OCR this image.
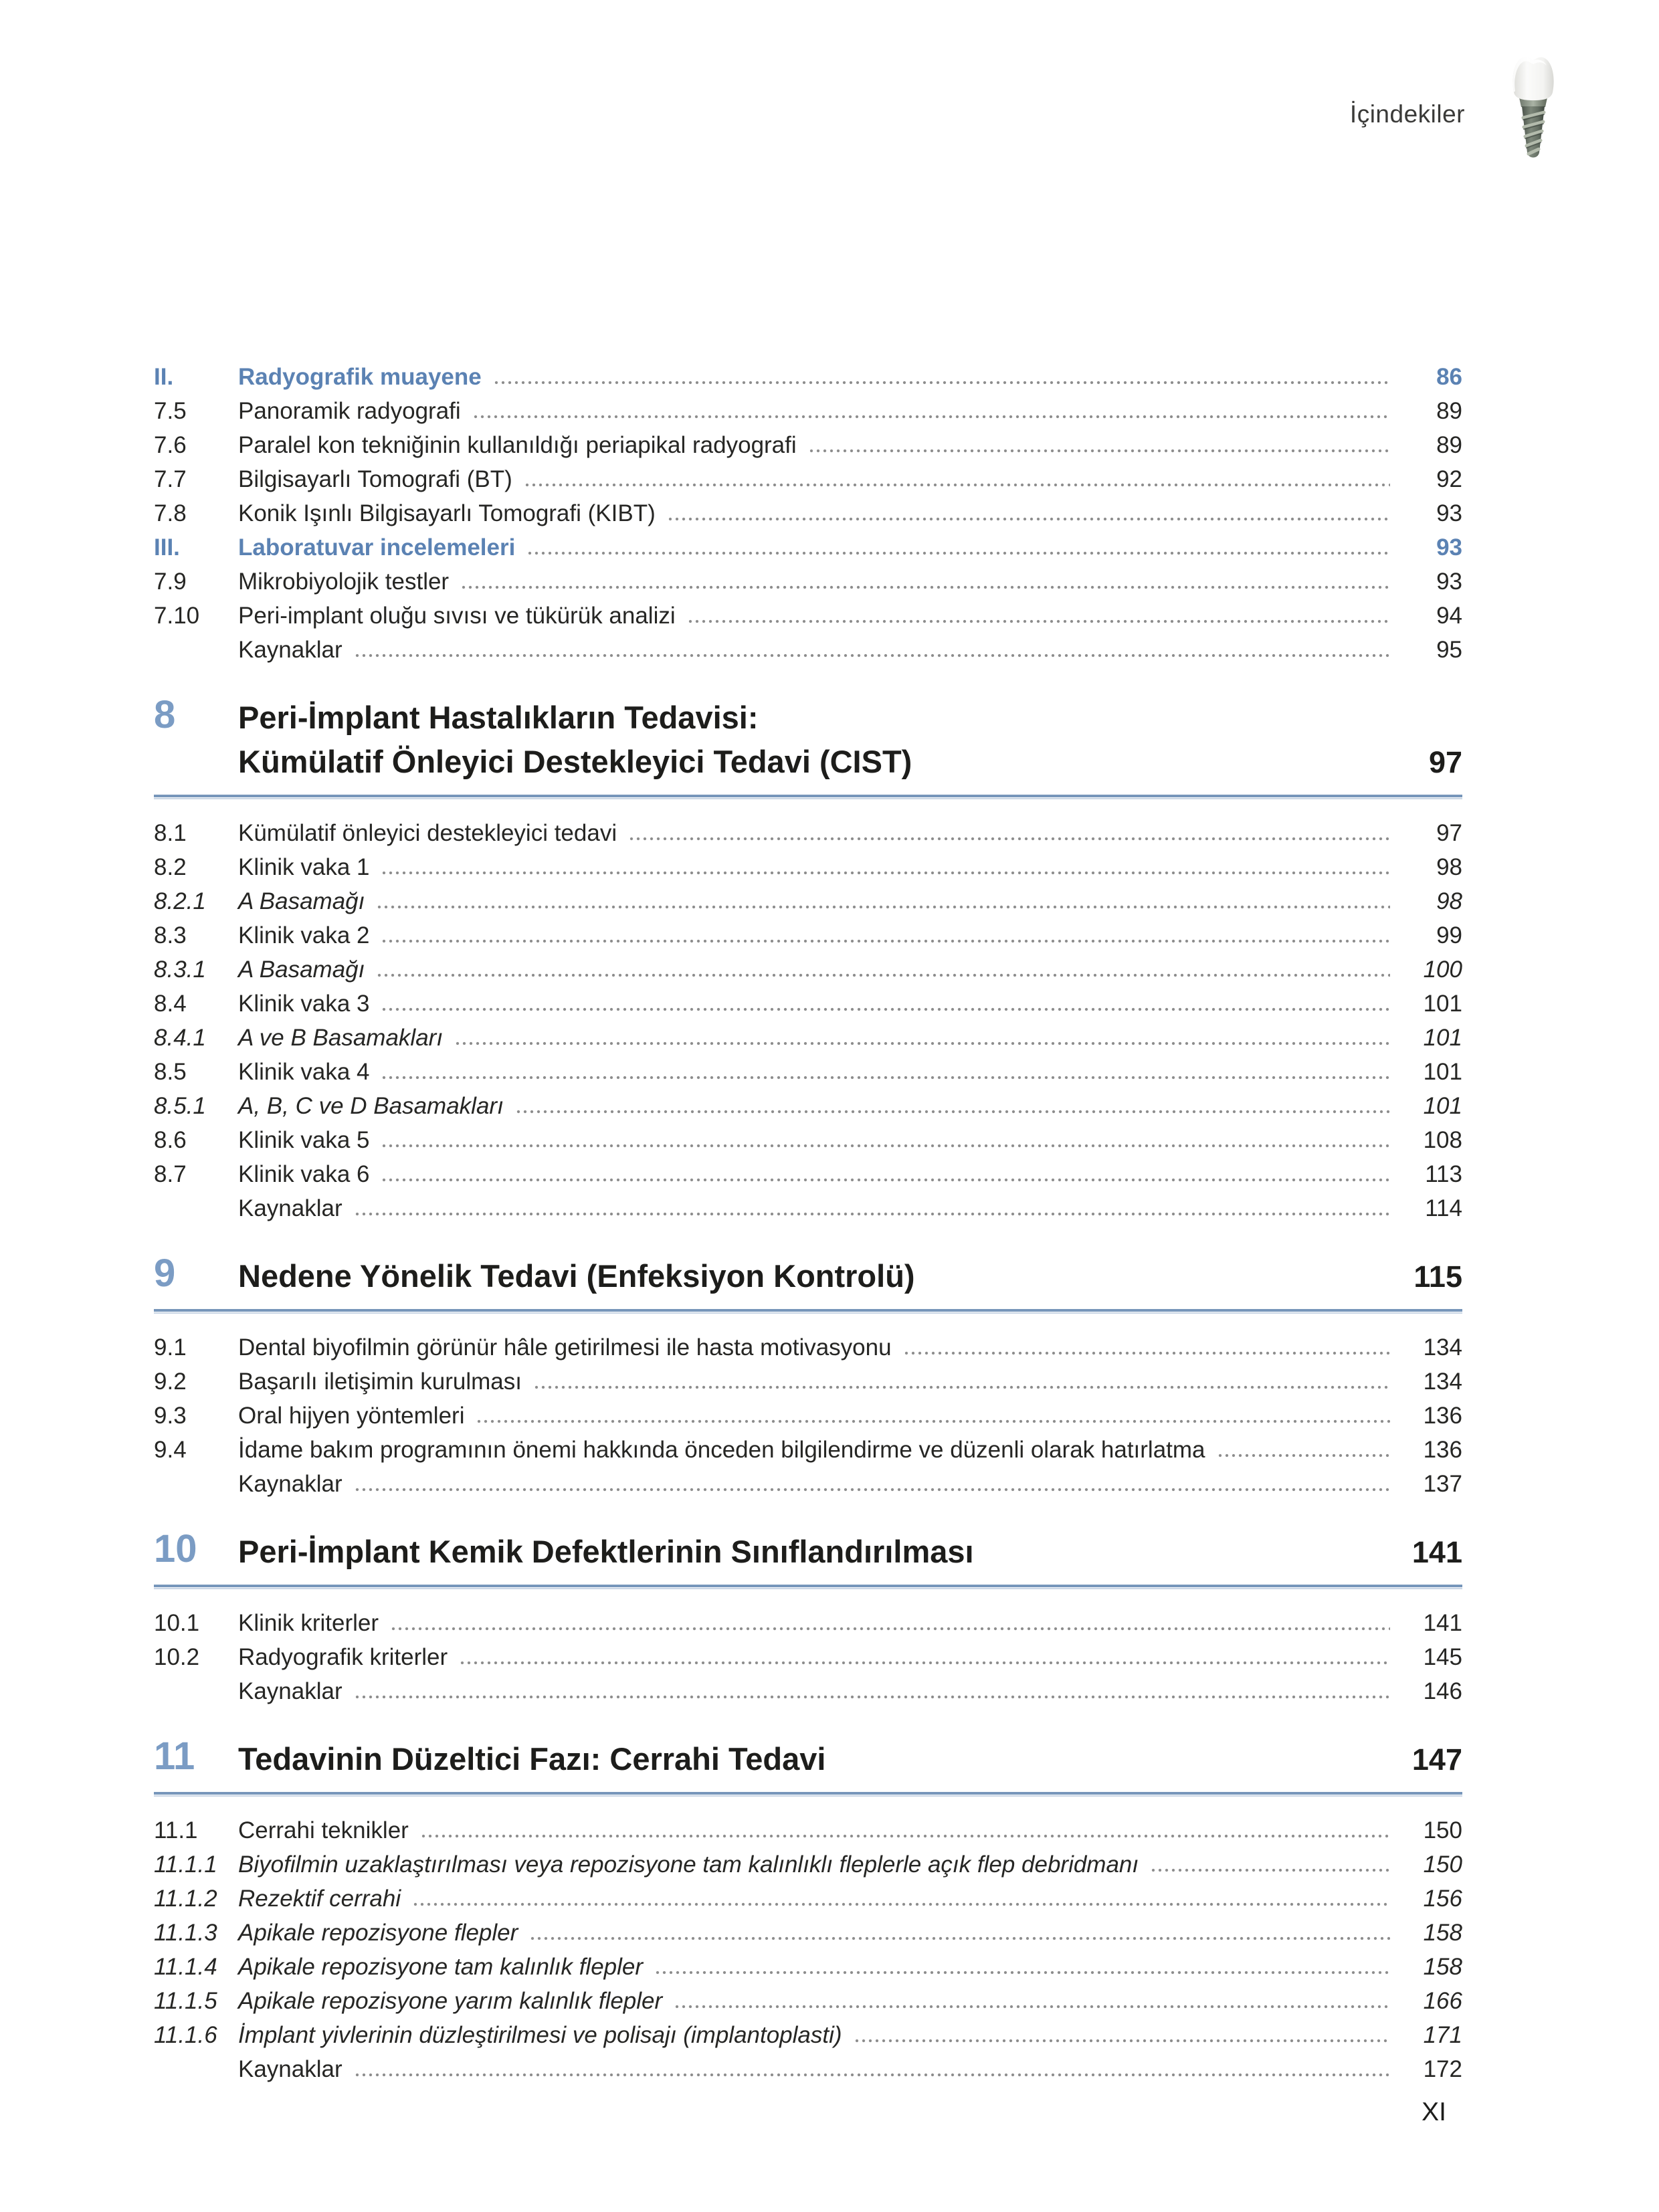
İçindekiler
II.	Radyografik muayene	86
7.5	Panoramik radyografi	89
7.6	Paralel kon tekniğinin kullanıldığı periapikal radyografi	89
7.7	Bilgisayarlı Tomografi (BT)	92
7.8	Konik Işınlı Bilgisayarlı Tomografi (KIBT)	93
III.	Laboratuvar incelemeleri	93
7.9	Mikrobiyolojik testler	93
7.10	Peri-implant oluğu sıvısı ve tükürük analizi	94
Kaynaklar	95
8	Peri-İmplant Hastalıkların Tedavisi:
Kümülatif Önleyici Destekleyici Tedavi (CIST)	97
8.1	Kümülatif önleyici destekleyici tedavi	97
8.2	Klinik vaka 1	98
8.2.1	A Basamağı	98
8.3	Klinik vaka 2	99
8.3.1	A Basamağı	100
8.4	Klinik vaka 3	101
8.4.1	A ve B Basamakları	101
8.5	Klinik vaka 4	101
8.5.1	A, B, C ve D Basamakları	101
8.6	Klinik vaka 5	108
8.7	Klinik vaka 6	113
Kaynaklar	114
9	Nedene Yönelik Tedavi (Enfeksiyon Kontrolü)	115
9.1	Dental biyofilmin görünür hâle getirilmesi ile hasta motivasyonu	134
9.2	Başarılı iletişimin kurulması	134
9.3	Oral hijyen yöntemleri	136
9.4	İdame bakım programının önemi hakkında önceden bilgilendirme ve düzenli olarak hatırlatma	136
Kaynaklar	137
10	Peri-İmplant Kemik Defektlerinin Sınıflandırılması	141
10.1	Klinik kriterler	141
10.2	Radyografik kriterler	145
Kaynaklar	146
11	Tedavinin Düzeltici Fazı: Cerrahi Tedavi	147
11.1	Cerrahi teknikler	150
11.1.1 Biyofilmin uzaklaştırılması veya repozisyone tam kalınlıklı fleplerle açık flep debridmanı	150
11.1.2 Rezektif cerrahi	156
11.1.3 Apikale repozisyone flepler	158
11.1.4 Apikale repozisyone tam kalınlık flepler	158
11.1.5 Apikale repozisyone yarım kalınlık flepler	166
11.1.6 İmplant yivlerinin düzleştirilmesi ve polisajı (implantoplasti)	171
Kaynaklar	172
XI
